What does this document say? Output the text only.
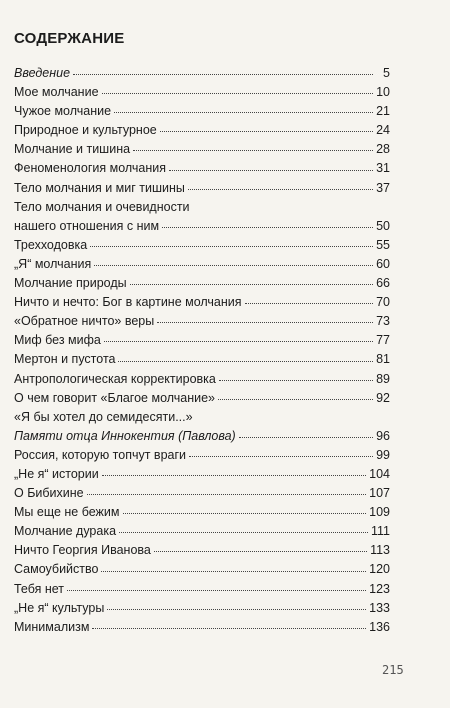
СОДЕРЖАНИЕ
Введение	5
Мое молчание	10
Чужое молчание	21
Природное и культурное	24
Молчание и тишина	28
Феноменология молчания	31
Тело молчания и миг тишины	37
Тело молчания и очевидности
нашего отношения с ним	50
Трехходовка	55
„Я“ молчания	60
Молчание природы	66
Ничто и нечто: Бог в картине молчания	70
«Обратное ничто» веры	73
Миф без мифа	77
Мертон и пустота	81
Антропологическая корректировка	89
О чем говорит «Благое молчание»	92
«Я бы хотел до семидесяти...»
Памяти отца Иннокентия (Павлова)	96
Россия, которую топчут враги	99
„Не я“ истории	104
О Бибихине	107
Мы еще не бежим	109
Молчание дурака	111
Ничто Георгия Иванова	113
Самоубийство	120
Тебя нет	123
„Не я“ культуры	133
Минимализм	136
215
